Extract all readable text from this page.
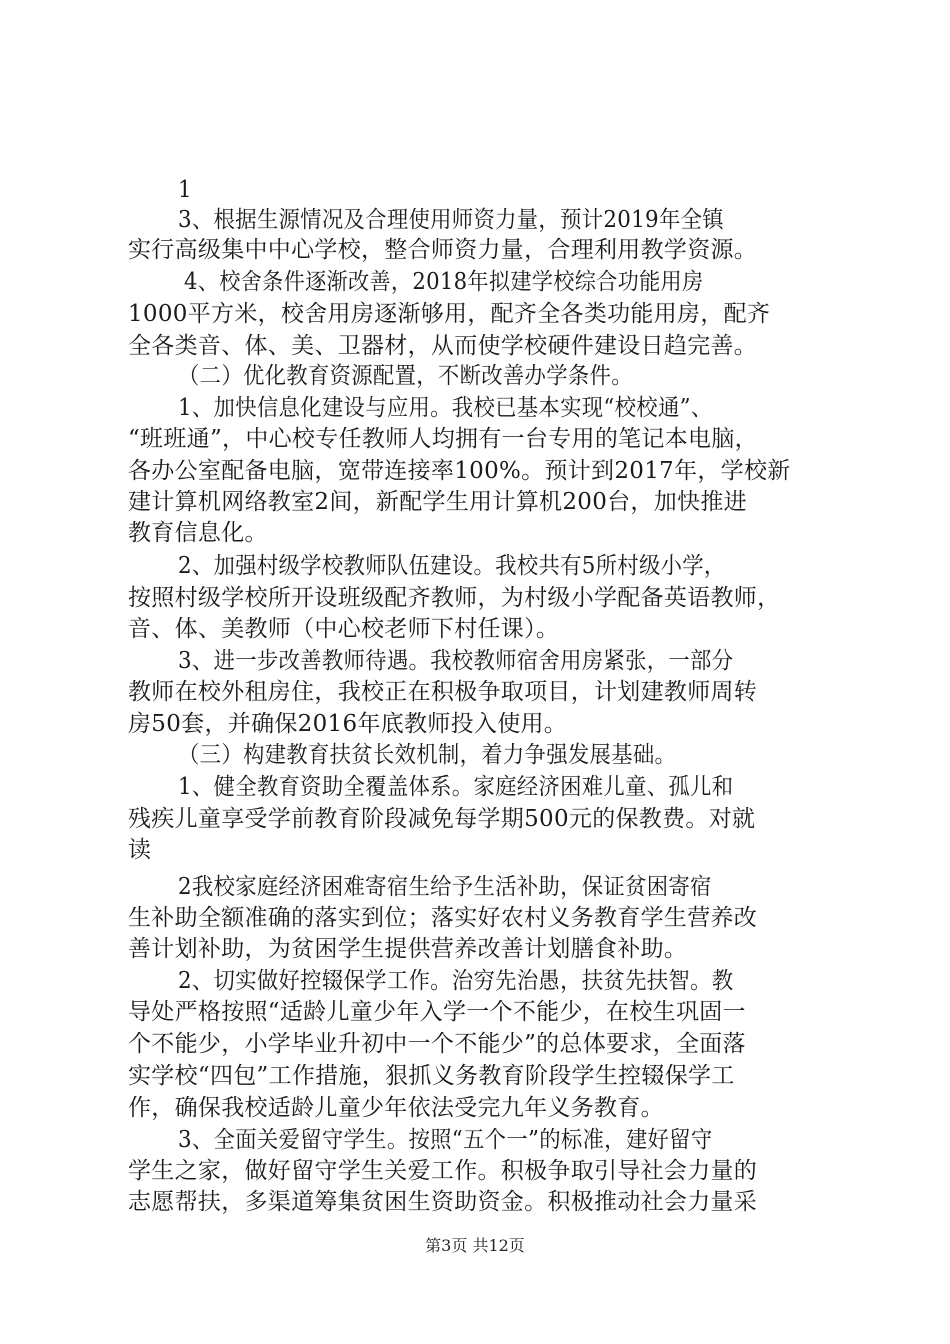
1
3、根据生源情况及合理使用师资力量，预计2019年全镇
实行高级集中中心学校，整合师资力量，合理利用教学资源。
4、校舍条件逐渐改善，2018年拟建学校综合功能用房
1000平方米，校舍用房逐渐够用，配齐全各类功能用房，配齐
全各类音、体、美、卫器材，从而使学校硬件建设日趋完善。
（二）优化教育资源配置，不断改善办学条件。
1、加快信息化建设与应用。我校已基本实现“校校通”、
“班班通”，中心校专任教师人均拥有一台专用的笔记本电脑，
各办公室配备电脑，宽带连接率100%。预计到2017年，学校新
建计算机网络教室2间，新配学生用计算机200台，加快推进
教育信息化。
2、加强村级学校教师队伍建设。我校共有5所村级小学，
按照村级学校所开设班级配齐教师，为村级小学配备英语教师，
音、体、美教师（中心校老师下村任课）。
3、进一步改善教师待遇。我校教师宿舍用房紧张，一部分
教师在校外租房住，我校正在积极争取项目，计划建教师周转
房50套，并确保2016年底教师投入使用。
（三）构建教育扶贫长效机制，着力争强发展基础。
1、健全教育资助全覆盖体系。家庭经济困难儿童、孤儿和
残疾儿童享受学前教育阶段减免每学期500元的保教费。对就
读
2我校家庭经济困难寄宿生给予生活补助，保证贫困寄宿
生补助全额准确的落实到位；落实好农村义务教育学生营养改
善计划补助，为贫困学生提供营养改善计划膳食补助。
2、切实做好控辍保学工作。治穷先治愚，扶贫先扶智。教
导处严格按照“适龄儿童少年入学一个不能少，在校生巩固一
个不能少，小学毕业升初中一个不能少”的总体要求，全面落
实学校“四包”工作措施，狠抓义务教育阶段学生控辍保学工
作，确保我校适龄儿童少年依法受完九年义务教育。
3、全面关爱留守学生。按照“五个一”的标准，建好留守
学生之家，做好留守学生关爱工作。积极争取引导社会力量的
志愿帮扶，多渠道筹集贫困生资助资金。积极推动社会力量采
第3页 共12页
